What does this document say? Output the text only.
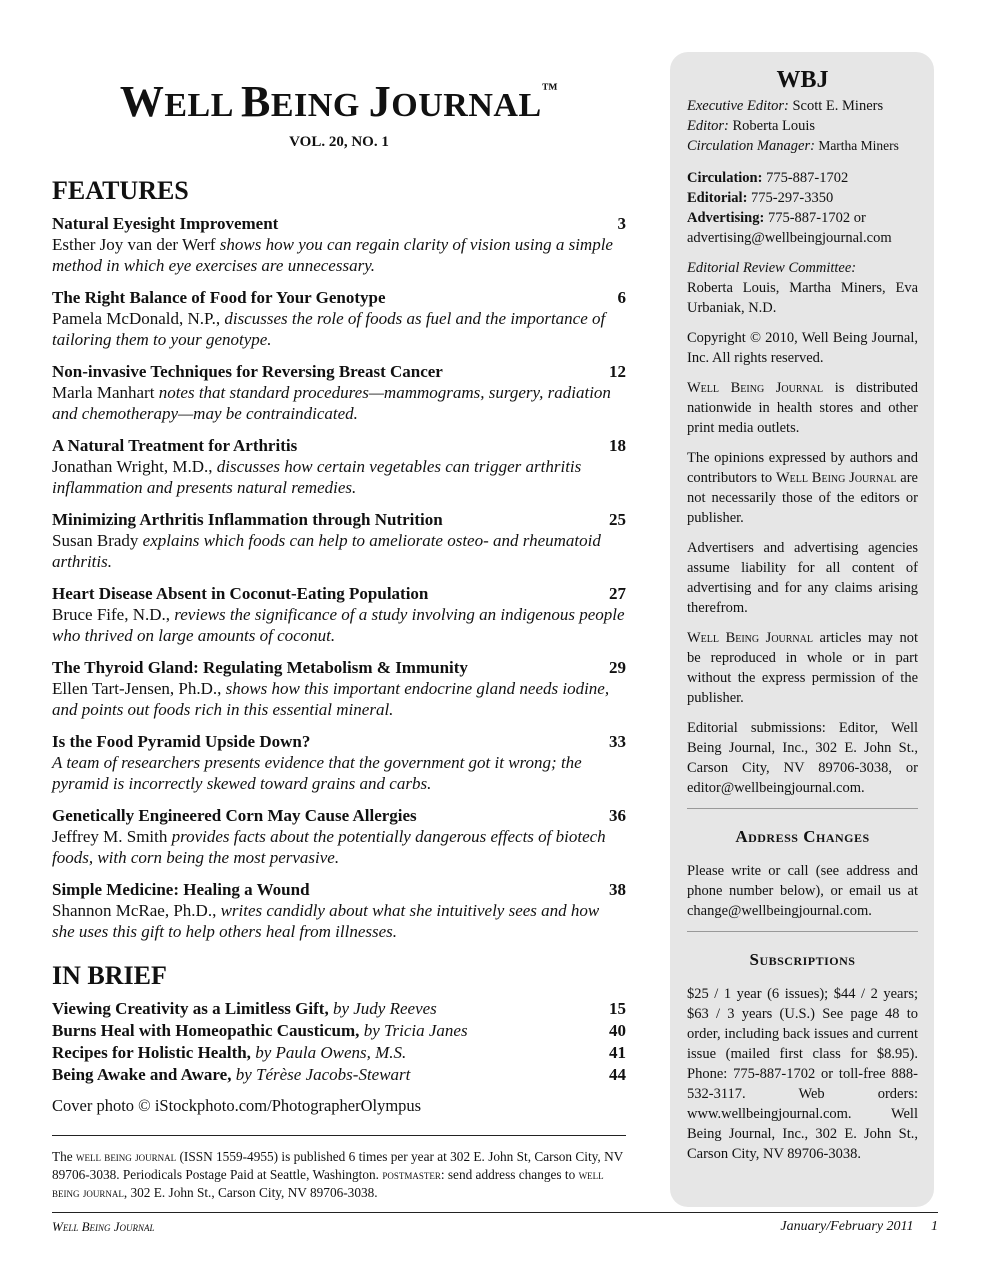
WELL BEING JOURNAL™
VOL. 20, NO. 1
FEATURES
Natural Eyesight Improvement	3
Esther Joy van der Werf shows how you can regain clarity of vision using a simple method in which eye exercises are unnecessary.
The Right Balance of Food for Your Genotype	6
Pamela McDonald, N.P., discusses the role of foods as fuel and the importance of tailoring them to your genotype.
Non-invasive Techniques for Reversing Breast Cancer	12
Marla Manhart notes that standard procedures—mammograms, surgery, radiation and chemotherapy—may be contraindicated.
A Natural Treatment for Arthritis	18
Jonathan Wright, M.D., discusses how certain vegetables can trigger arthritis inflammation and presents natural remedies.
Minimizing Arthritis Inflammation through Nutrition	25
Susan Brady explains which foods can help to ameliorate osteo- and rheumatoid arthritis.
Heart Disease Absent in Coconut-Eating Population	27
Bruce Fife, N.D., reviews the significance of a study involving an indigenous people who thrived on large amounts of coconut.
The Thyroid Gland: Regulating Metabolism & Immunity	29
Ellen Tart-Jensen, Ph.D., shows how this important endocrine gland needs iodine, and points out foods rich in this essential mineral.
Is the Food Pyramid Upside Down?	33
A team of researchers presents evidence that the government got it wrong; the pyramid is incorrectly skewed toward grains and carbs.
Genetically Engineered Corn May Cause Allergies	36
Jeffrey M. Smith provides facts about the potentially dangerous effects of biotech foods, with corn being the most pervasive.
Simple Medicine: Healing a Wound	38
Shannon McRae, Ph.D., writes candidly about what she intuitively sees and how she uses this gift to help others heal from illnesses.
IN BRIEF
Viewing Creativity as a Limitless Gift, by Judy Reeves	15
Burns Heal with Homeopathic Causticum, by Tricia Janes	40
Recipes for Holistic Health, by Paula Owens, M.S.	41
Being Awake and Aware, by Térèse Jacobs-Stewart	44
Cover photo © iStockphoto.com/PhotographerOlympus
The well being journal (ISSN 1559-4955) is published 6 times per year at 302 E. John St, Carson City, NV 89706-3038. Periodicals Postage Paid at Seattle, Washington. postmaster: send address changes to well being journal, 302 E. John St., Carson City, NV 89706-3038.
Well Being Journal	January/February 2011 1
WBJ

Executive Editor: Scott E. Miners
Editor: Roberta Louis
Circulation Manager: Martha Miners

Circulation: 775-887-1702
Editorial: 775-297-3350
Advertising: 775-887-1702 or advertising@wellbeingjournal.com

Editorial Review Committee:
Roberta Louis, Martha Miners, Eva Urbaniak, N.D.

Copyright © 2010, Well Being Journal, Inc. All rights reserved.

Well Being Journal is distributed nationwide in health stores and other print media outlets.

The opinions expressed by authors and contributors to Well Being Journal are not necessarily those of the editors or publisher.

Advertisers and advertising agencies assume liability for all content of advertising and for any claims arising therefrom.

Well Being Journal articles may not be reproduced in whole or in part without the express permission of the publisher.

Editorial submissions: Editor, Well Being Journal, Inc., 302 E. John St., Carson City, NV 89706-3038, or editor@wellbeingjournal.com.

Address Changes

Please write or call (see address and phone number below), or email us at change@wellbeingjournal.com.

Subscriptions

$25 / 1 year (6 issues); $44 / 2 years; $63 / 3 years (U.S.) See page 48 to order, including back issues and current issue (mailed first class for $8.95). Phone: 775-887-1702 or toll-free 888-532-3117. Web orders: www.wellbeingjournal.com. Well Being Journal, Inc., 302 E. John St., Carson City, NV 89706-3038.
